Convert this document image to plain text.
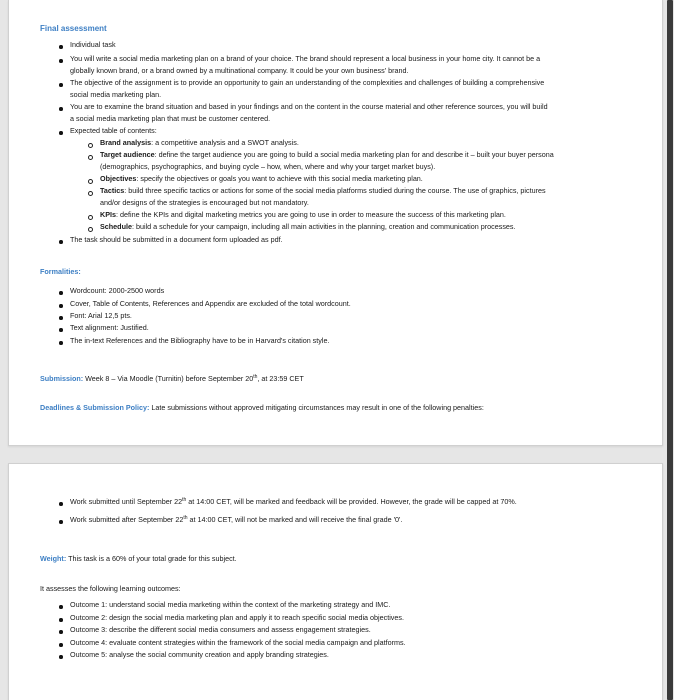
Final assessment
Individual task
You will write a social media marketing plan on a brand of your choice. The brand should represent a local business in your home city. It cannot be a
globally known brand, or a brand owned by a multinational company. It could be your own business' brand.
The objective of the assignment is to provide an opportunity to gain an understanding of the complexities and challenges of building a comprehensive
social media marketing plan.
You are to examine the brand situation and based in your findings and on the content in the course material and other reference sources, you will build
a social media marketing plan that must be customer centered.
Expected table of contents:
Brand analysis: a competitive analysis and a SWOT analysis.
Target audience: define the target audience you are going to build a social media marketing plan for and describe it – built your buyer persona
(demographics, psychographics, and buying cycle – how, when, where and why your target market buys).
Objectives: specify the objectives or goals you want to achieve with this social media marketing plan.
Tactics: build three specific tactics or actions for some of the social media platforms studied during the course. The use of graphics, pictures
and/or designs of the strategies is encouraged but not mandatory.
KPIs: define the KPIs and digital marketing metrics you are going to use in order to measure the success of this marketing plan.
Schedule: build a schedule for your campaign, including all main activities in the planning, creation and communication processes.
The task should be submitted in a document form uploaded as pdf.
Formalities:
Wordcount: 2000-2500 words
Cover, Table of Contents, References and Appendix are excluded of the total wordcount.
Font: Arial 12,5 pts.
Text alignment: Justified.
The in-text References and the Bibliography have to be in Harvard's citation style.
Submission: Week 8 – Via Moodle (Turnitin) before September 20th, at 23:59 CET
Deadlines & Submission Policy: Late submissions without approved mitigating circumstances may result in one of the following penalties:
Work submitted until September 22th at 14:00 CET, will be marked and feedback will be provided. However, the grade will be capped at 70%.
Work submitted after September 22th at 14:00 CET, will not be marked and will receive the final grade '0'.
Weight: This task is a 60% of your total grade for this subject.
It assesses the following learning outcomes:
Outcome 1: understand social media marketing within the context of the marketing strategy and IMC.
Outcome 2: design the social media marketing plan and apply it to reach specific social media objectives.
Outcome 3: describe the different social media consumers and assess engagement strategies.
Outcome 4: evaluate content strategies within the framework of the social media campaign and platforms.
Outcome 5: analyse the social community creation and apply branding strategies.
